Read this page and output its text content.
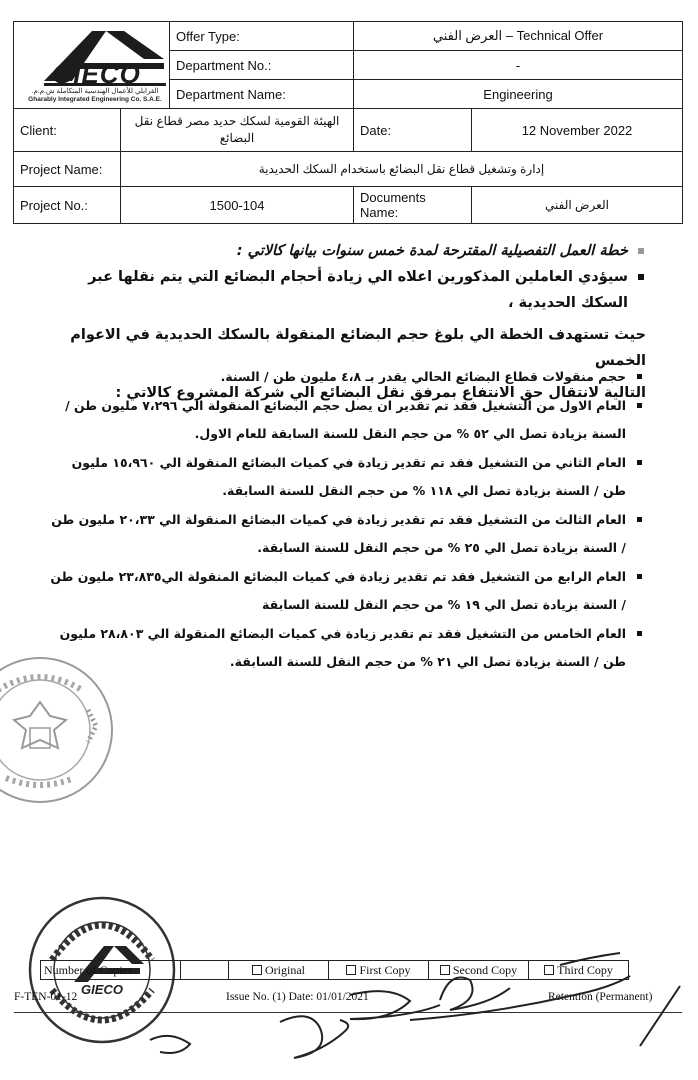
GIECO
القرابلي للأعمال الهندسية المتكاملة ش.م.م.
Gharably Integrated Engineering Co. S.A.E.		Offer Type:	Technical Offer – العرض الفني	
		Department No.:	-	
		Department Name:	Engineering	
Client:	الهيئة القومية لسكك حديد مصر قطاع نقل البضائع		Date:	12 November 2022
Project Name:	إدارة وتشغيل قطاع نقل البضائع باستخدام السكك الحديدية			
Project No.:	1500-104		Documents Name:	العرض الفني
خطة العمل التفصيلية المقترحة لمدة خمس سنوات بيانها كالاتي :
سيؤدي العاملين المذكورين اعلاه الي زيادة أحجام البضائع التي يتم نقلها عبر السكك الحديدية ،

حيث تستهدف الخطة الي بلوغ حجم البضائع المنقولة بالسكك الحديدية في الاعوام الخمس

التالية لانتقال حق الانتفاع بمرفق نقل البضائع الي شركة المشروع كالاتي :

حجم منقولات قطاع البضائع الحالي يقدر بـ ٤،٨ مليون طن / السنة.
العام الاول من التشغيل فقد تم تقدير ان يصل حجم البضائع المنقولة الي ٧،٢٩٦ مليون طن / السنة بزيادة تصل الي ٥٢ % من حجم النقل للسنة السابقة للعام الاول.
العام الثاني من التشغيل فقد تم تقدير زيادة في كميات البضائع المنقولة الي ١٥،٩٦٠ مليون طن / السنة بزيادة تصل الي ١١٨ % من حجم النقل للسنة السابقة.
العام الثالث من التشغيل فقد تم تقدير زيادة في كميات البضائع المنقولة الي ٢٠،٣٣ مليون طن / السنة بزيادة تصل الي ٢٥ % من حجم النقل للسنة السابقة.
العام الرابع من التشغيل فقد تم تقدير زيادة في كميات البضائع المنقولة الي٢٣،٨٣٥ مليون طن / السنة بزيادة تصل الي ١٩ % من حجم النقل للسنة السابقة
العام الخامس من التشغيل فقد تم تقدير زيادة في كميات البضائع المنقولة الي ٢٨،٨٠٣ مليون طن / السنة بزيادة تصل الي ٢١ % من حجم النقل للسنة السابقة.
GIECO
Number of Copies		Original	First Copy	Second Copy	Third Copy
F-TEN-01-12	Issue No. (1) Date: 01/01/2021	Retention (Permanent)
